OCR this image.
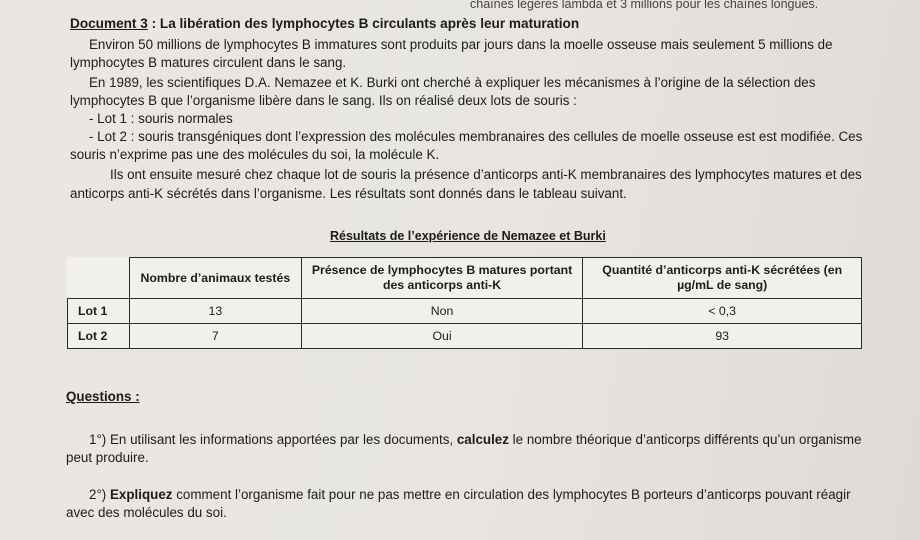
chaînes légères lambda et 3 millions pour les chaînes longues.

Document 3 : La libération des lymphocytes B circulants après leur maturation

Environ 50 millions de lymphocytes B immatures sont produits par jours dans la moelle osseuse mais seulement 5 millions de

lymphocytes B matures circulent dans le sang.

En 1989, les scientifiques D.A. Nemazee et K. Burki ont cherché à expliquer les mécanismes à l’origine de la sélection des

lymphocytes B que l’organisme libère dans le sang. Ils on réalisé deux lots de souris :

- Lot 1 : souris normales

- Lot 2 : souris transgéniques dont l’expression des molécules membranaires des cellules de moelle osseuse est est modifiée. Ces

souris n’exprime pas une des molécules du soi, la molécule K.

Ils ont ensuite mesuré chez chaque lot de souris la présence d’anticorps anti-K membranaires des lymphocytes matures et des

anticorps anti-K sécrétés dans l’organisme. Les résultats sont donnés dans le tableau suivant.

Résultats de l’expérience de Nemazee et Burki
	Nombre d’animaux testés	Présence de lymphocytes B matures portant des anticorps anti-K	Quantité d’anticorps anti-K sécrétées (en µg/mL de sang)
Lot 1	13	Non	< 0,3
Lot 2	7	Oui	93
Questions :

1°) En utilisant les informations apportées par les documents, calculez le nombre théorique d’anticorps différents qu’un organisme

peut produire.

2°) Expliquez comment l’organisme fait pour ne pas mettre en circulation des lymphocytes B porteurs d’anticorps pouvant réagir

avec des molécules du soi.
